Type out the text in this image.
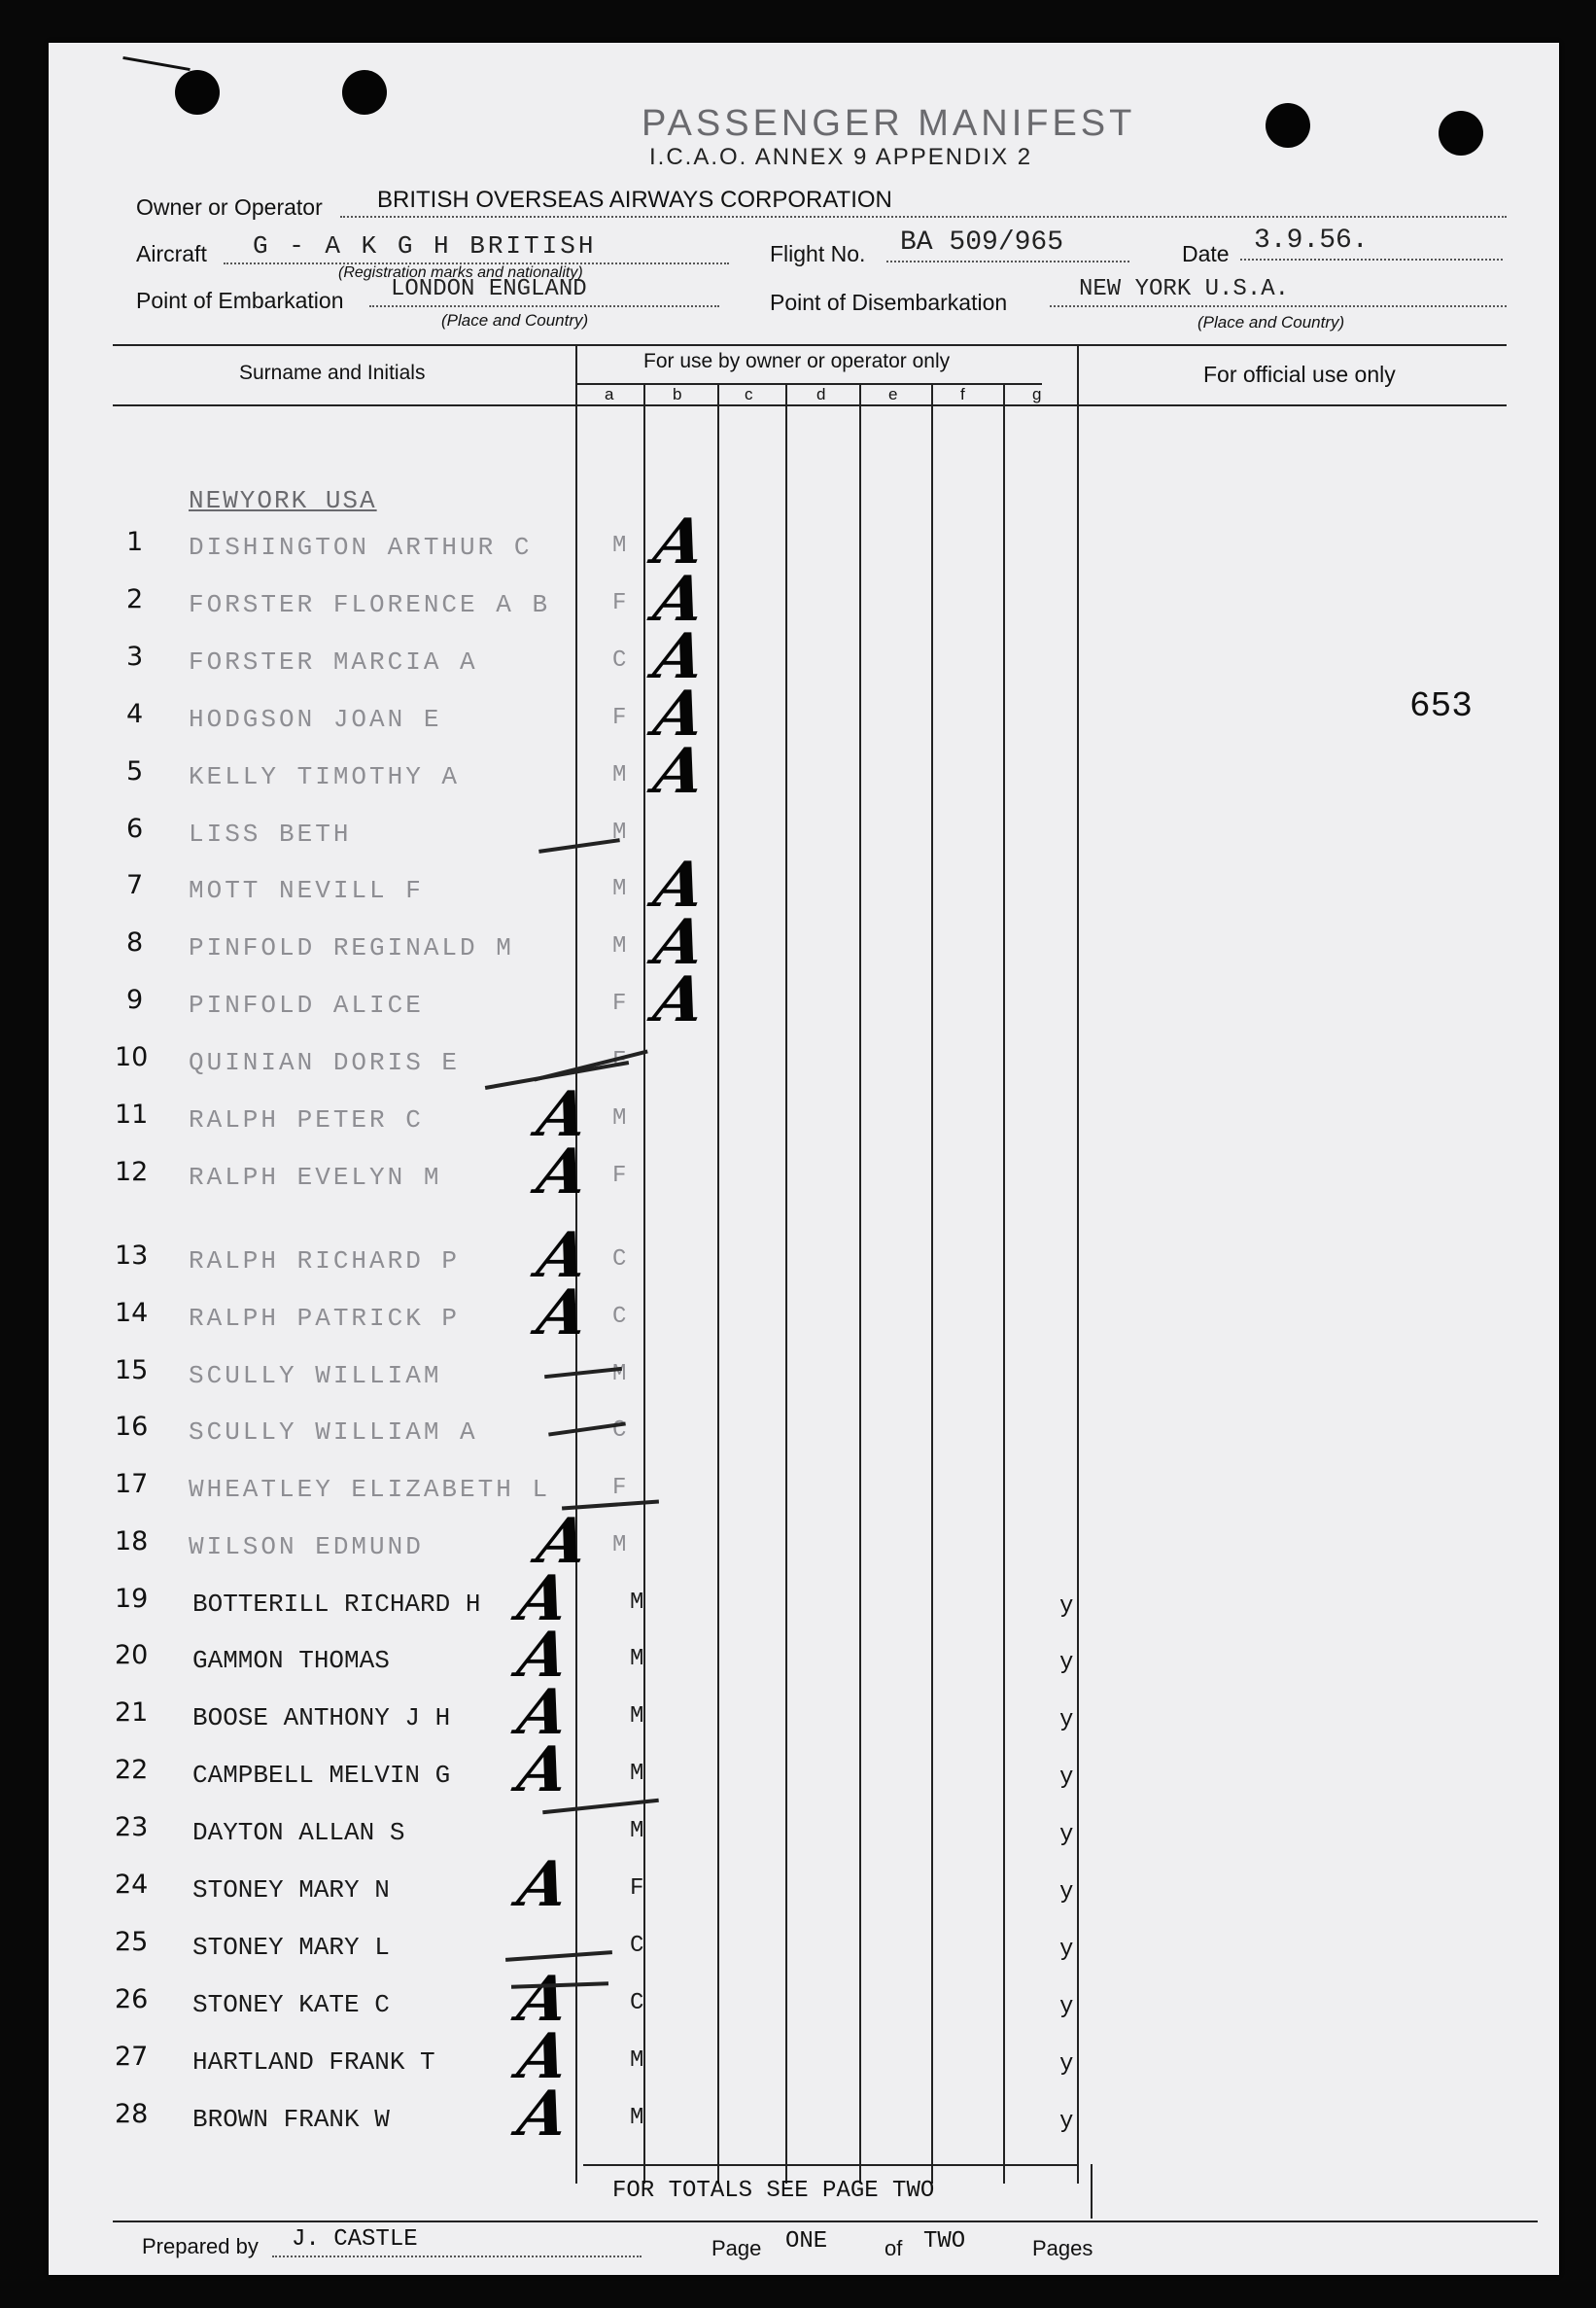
PASSENGER MANIFEST
I.C.A.O. ANNEX 9 APPENDIX 2
Owner or Operator BRITISH OVERSEAS AIRWAYS CORPORATION
Aircraft G - A K G H BRITISH
(Registration marks and nationality)
Flight No. BA 509/965	Date 3.9.56.
Point of Embarkation LONDON ENGLAND
(Place and Country)
Point of Disembarkation	NEW YORK U.S.A.
(Place and Country)
Surname and Initials
For use by owner or operator only
For official use only
a	b	c	d	e	f	g
NEWYORK USA
653
1 DISHINGTON ARTHUR C	M A
2 FORSTER FLORENCE A B	F A
3 FORSTER MARCIA A	C A
4 HODGSON JOAN E	F A
5 KELLY TIMOTHY A	M A
6 LISS BETH	M
7 MOTT NEVILL F	M A
8 PINFOLD REGINALD M	M A
9 PINFOLD ALICE	F A
10 QUINIAN DORIS E	F
11 RALPH PETER C	M
A
12 RALPH EVELYN M	F
A
13 RALPH RICHARD P	C
A
14 RALPH PATRICK P	C
A
15 SCULLY WILLIAM	M
16 SCULLY WILLIAM A	C
17 WHEATLEY ELIZABETH L	F
18 WILSON EDMUND	M
A
19 BOTTERILL RICHARD H	M	y
A
20 GAMMON THOMAS	M	y
A
21 BOOSE ANTHONY J H	M	y
A
22 CAMPBELL MELVIN G	M	y
A
23 DAYTON ALLAN S	M	y
24 STONEY MARY N	F	y
A
25 STONEY MARY L	C	y
26 STONEY KATE C	C	y
A
27 HARTLAND FRANK T	M	y
A
28 BROWN FRANK W	M	y
A
FOR TOTALS SEE PAGE TWO
Prepared by J. CASTLE	Page ONE	of TWO	Pages
